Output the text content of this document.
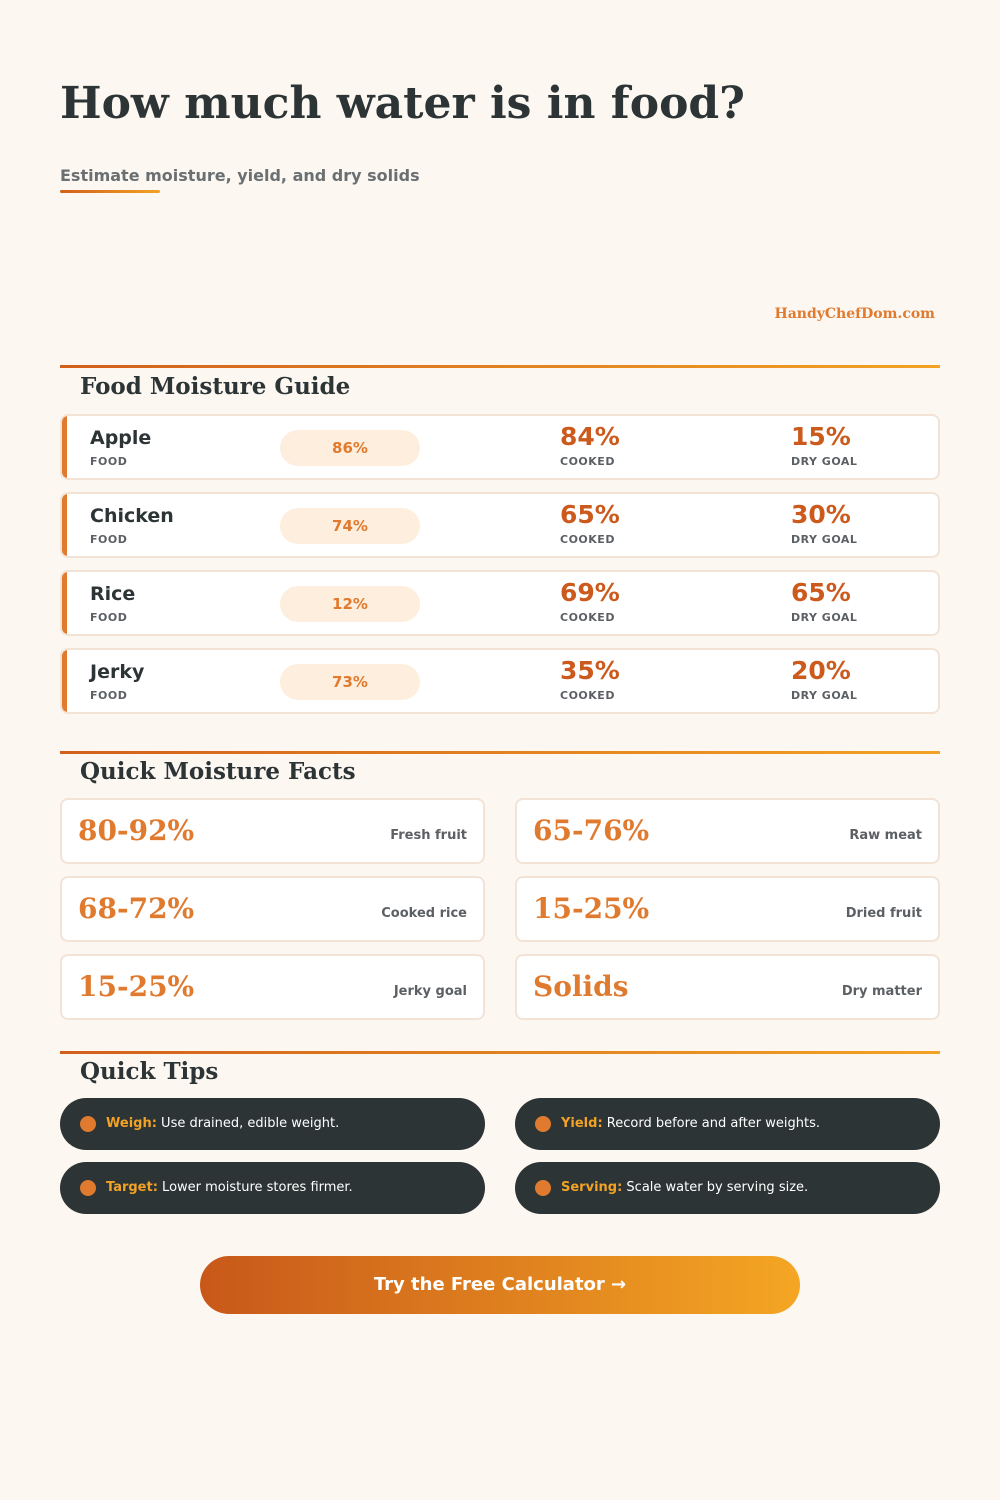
How much water is in food?
Estimate moisture, yield, and dry solids
HandyChefDom.com
Food Moisture Guide
Apple
FOOD
86%	84%
COOKED
15%
DRY GOAL
Chicken
FOOD
74%	65%
COOKED
30%
DRY GOAL
Rice
FOOD
12%	69%
COOKED
65%
DRY GOAL
Jerky
FOOD
73%	35%
COOKED
20%
DRY GOAL
Quick Moisture Facts
80-92%	Fresh fruit 65-76%	Raw meat
68-72%	Cooked rice 15-25%	Dried fruit
15-25%	Jerky goal Solids	Dry matter
Quick Tips
Weigh: Use drained, edible weight.	Yield: Record before and after weights.
Target: Lower moisture stores firmer.	Serving: Scale water by serving size.
Try the Free Calculator →
